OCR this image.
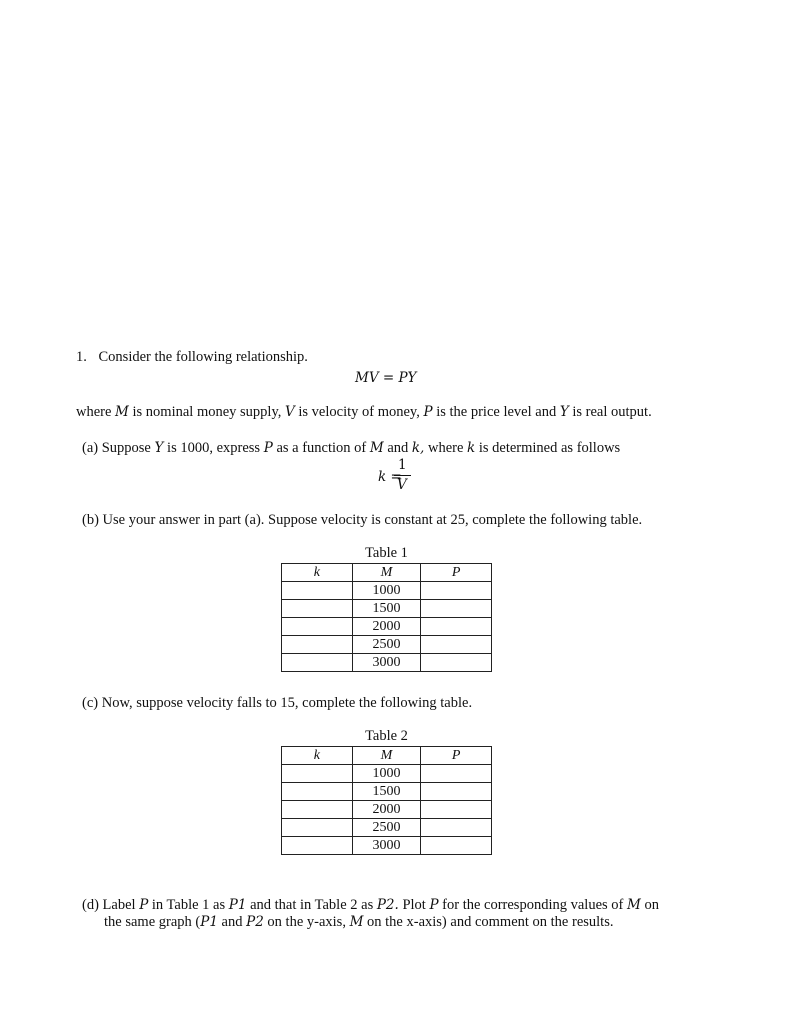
1. Consider the following relationship.
MV = PY
where M is nominal money supply, V is velocity of money, P is the price level and Y is real output.
(a) Suppose Y is 1000, express P as a function of M and k, where k is determined as follows
k =
1
V
(b) Use your answer in part (a). Suppose velocity is constant at 25, complete the following table.
Table 1
k	M	P
	1000	
	1500	
	2000	
	2500	
	3000	
(c) Now, suppose velocity falls to 15, complete the following table.
Table 2
k	M	P
	1000	
	1500	
	2000	
	2500	
	3000	
(d) Label P in Table 1 as P1 and that in Table 2 as P2. Plot P for the corresponding values of M on
the same graph (P1 and P2 on the y-axis, M on the x-axis) and comment on the results.
